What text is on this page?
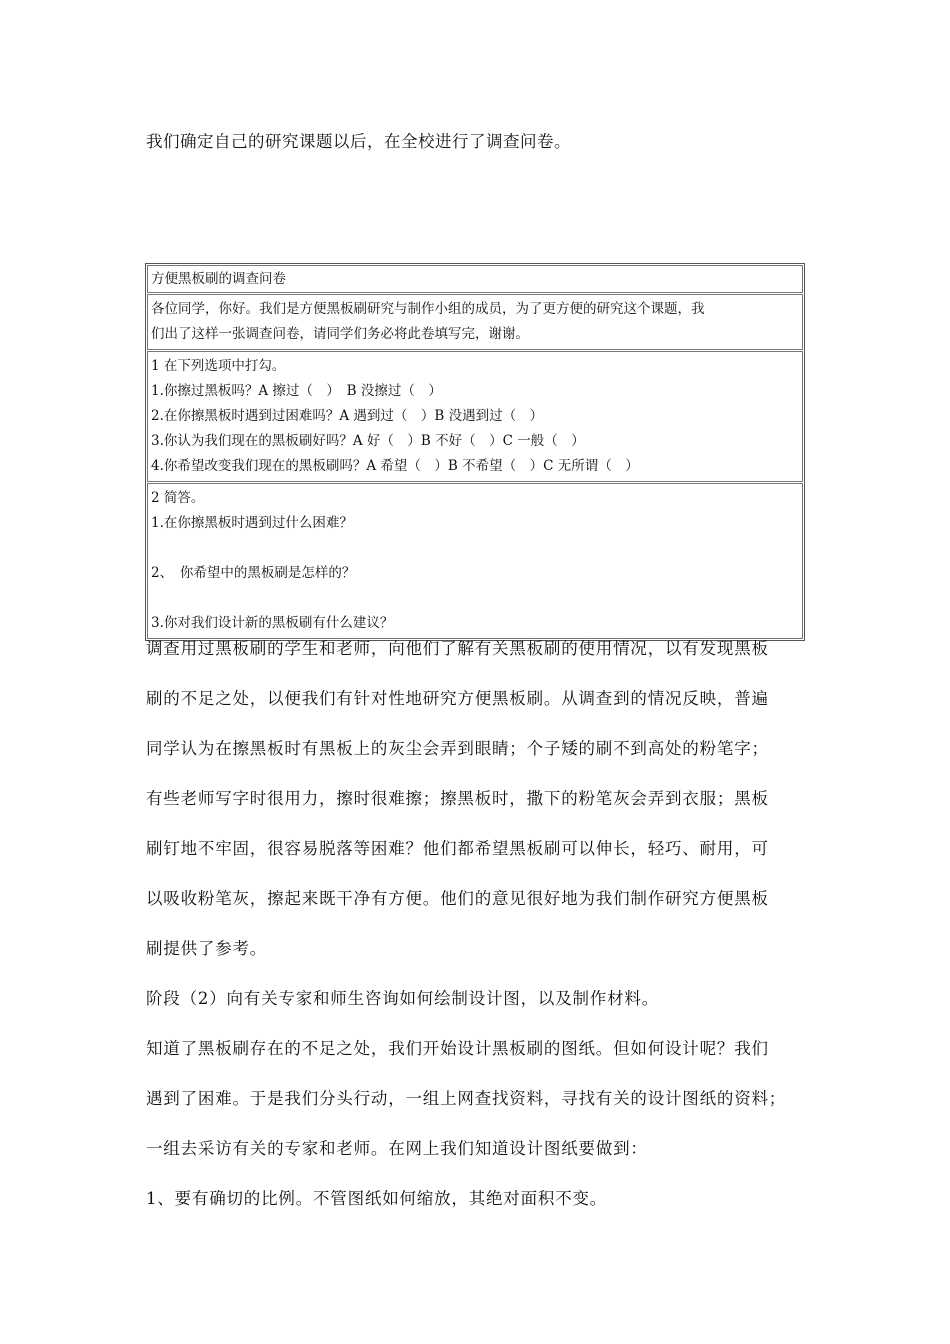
我们确定自己的研究课题以后，在全校进行了调查问卷。
方便黑板刷的调查问卷
各位同学，你好。我们是方便黑板刷研究与制作小组的成员，为了更方便的研究这个课题，我
们出了这样一张调查问卷，请同学们务必将此卷填写完，谢谢。
1 在下列选项中打勾。
1.你擦过黑板吗？A 擦过（　）　B 没擦过（　）
2.在你擦黑板时遇到过困难吗？A 遇到过（　）B 没遇到过（　）
3.你认为我们现在的黑板刷好吗？A 好（　）B 不好（　）C 一般（　）
4.你希望改变我们现在的黑板刷吗？A 希望（　）B 不希望（　）C 无所谓（　）
2 简答。
1.在你擦黑板时遇到过什么困难？
2、　你希望中的黑板刷是怎样的？
3.你对我们设计新的黑板刷有什么建议？
调查用过黑板刷的学生和老师，向他们了解有关黑板刷的使用情况，以有发现黑板
刷的不足之处，以便我们有针对性地研究方便黑板刷。从调查到的情况反映，普遍
同学认为在擦黑板时有黑板上的灰尘会弄到眼睛；个子矮的刷不到高处的粉笔字；
有些老师写字时很用力，擦时很难擦；擦黑板时，撒下的粉笔灰会弄到衣服；黑板
刷钉地不牢固，很容易脱落等困难？他们都希望黑板刷可以伸长，轻巧、耐用，可
以吸收粉笔灰，擦起来既干净有方便。他们的意见很好地为我们制作研究方便黑板
刷提供了参考。
阶段（2）向有关专家和师生咨询如何绘制设计图，以及制作材料。
知道了黑板刷存在的不足之处，我们开始设计黑板刷的图纸。但如何设计呢？我们
遇到了困难。于是我们分头行动，一组上网查找资料，寻找有关的设计图纸的资料；
一组去采访有关的专家和老师。在网上我们知道设计图纸要做到：
1、要有确切的比例。不管图纸如何缩放，其绝对面积不变。
